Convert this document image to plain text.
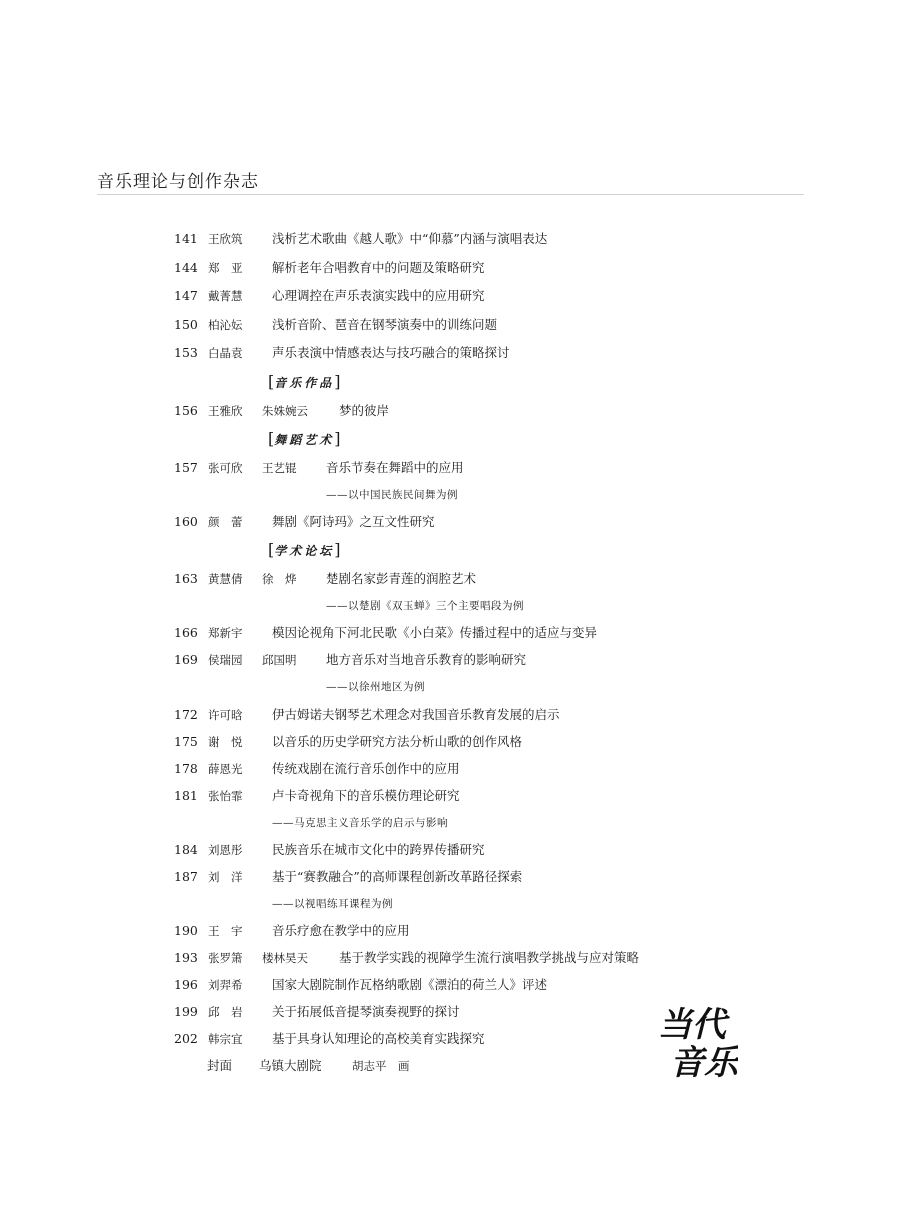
音乐理论与创作杂志
141 王欣筑 浅析艺术歌曲《越人歌》中“仰慕”内涵与演唱表达
144 郑　亚 解析老年合唱教育中的问题及策略研究
147 戴菁慧 心理调控在声乐表演实践中的应用研究
150 柏沁妘 浅析音阶、琶音在钢琴演奏中的训练问题
153 白晶袁 声乐表演中情感表达与技巧融合的策略探讨
[音乐作品]
156 王雅欣 朱姝婉云 梦的彼岸
[舞蹈艺术]
157 张可欣 王艺锟 音乐节奏在舞蹈中的应用
——以中国民族民间舞为例
160 颜　蕾 舞剧《阿诗玛》之互文性研究
[学术论坛]
163 黄慧倩 徐　烨 楚剧名家彭青莲的润腔艺术
——以楚剧《双玉蝉》三个主要唱段为例
166 郑新宇 模因论视角下河北民歌《小白菜》传播过程中的适应与变异
169 侯瑞园 邱国明 地方音乐对当地音乐教育的影响研究
——以徐州地区为例
172 许可晗 伊古姆诺夫钢琴艺术理念对我国音乐教育发展的启示
175 谢　悦 以音乐的历史学研究方法分析山歌的创作风格
178 薛恩光 传统戏剧在流行音乐创作中的应用
181 张怡霏 卢卡奇视角下的音乐模仿理论研究
——马克思主义音乐学的启示与影响
184 刘恩彤 民族音乐在城市文化中的跨界传播研究
187 刘　洋 基于“赛教融合”的高师课程创新改革路径探索
——以视唱练耳课程为例
190 王　宇 音乐疗愈在教学中的应用
193 张罗箫 楼林昊天 基于教学实践的视障学生流行演唱教学挑战与应对策略
196 刘羿希 国家大剧院制作瓦格纳歌剧《漂泊的荷兰人》评述
199 邱　岩 关于拓展低音提琴演奏视野的探讨
202 韩宗宜 基于具身认知理论的高校美育实践探究
封面 乌镇大剧院	胡志平　画
当代
音乐
